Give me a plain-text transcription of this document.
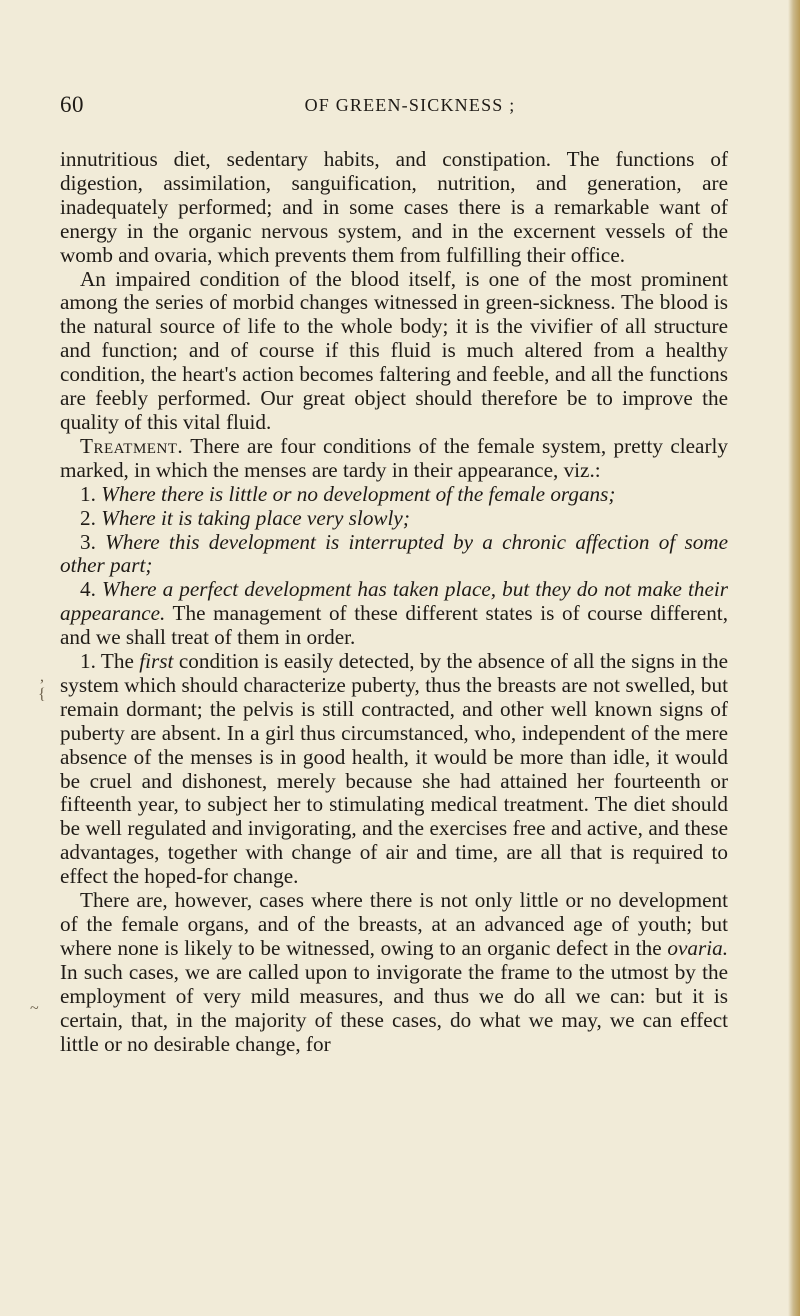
60	OF GREEN-SICKNESS ;
,
{
~

innutritious diet, sedentary habits, and constipation. The functions of digestion, assimilation, sanguification, nutrition, and generation, are inadequately performed; and in some cases there is a remarkable want of energy in the organic nervous system, and in the excernent vessels of the womb and ovaria, which prevents them from fulfilling their office.

An impaired condition of the blood itself, is one of the most prominent among the series of morbid changes witnessed in green-sickness. The blood is the natural source of life to the whole body; it is the vivifier of all structure and function; and of course if this fluid is much altered from a healthy condition, the heart's action becomes faltering and feeble, and all the functions are feebly performed. Our great object should therefore be to improve the quality of this vital fluid.

Treatment. There are four conditions of the female system, pretty clearly marked, in which the menses are tardy in their appearance, viz.:

1. Where there is little or no development of the female organs;

2. Where it is taking place very slowly;

3. Where this development is interrupted by a chronic affection of some other part;

4. Where a perfect development has taken place, but they do not make their appearance. The management of these different states is of course different, and we shall treat of them in order.

1. The first condition is easily detected, by the absence of all the signs in the system which should characterize puberty, thus the breasts are not swelled, but remain dormant; the pelvis is still contracted, and other well known signs of puberty are absent. In a girl thus circumstanced, who, independent of the mere absence of the menses is in good health, it would be more than idle, it would be cruel and dishonest, merely because she had attained her fourteenth or fifteenth year, to subject her to stimulating medical treatment. The diet should be well regulated and invigorating, and the exercises free and active, and these advantages, together with change of air and time, are all that is required to effect the hoped-for change.

There are, however, cases where there is not only little or no development of the female organs, and of the breasts, at an advanced age of youth; but where none is likely to be witnessed, owing to an organic defect in the ovaria. In such cases, we are called upon to invigorate the frame to the utmost by the employment of very mild measures, and thus we do all we can: but it is certain, that, in the majority of these cases, do what we may, we can effect little or no desirable change, for
